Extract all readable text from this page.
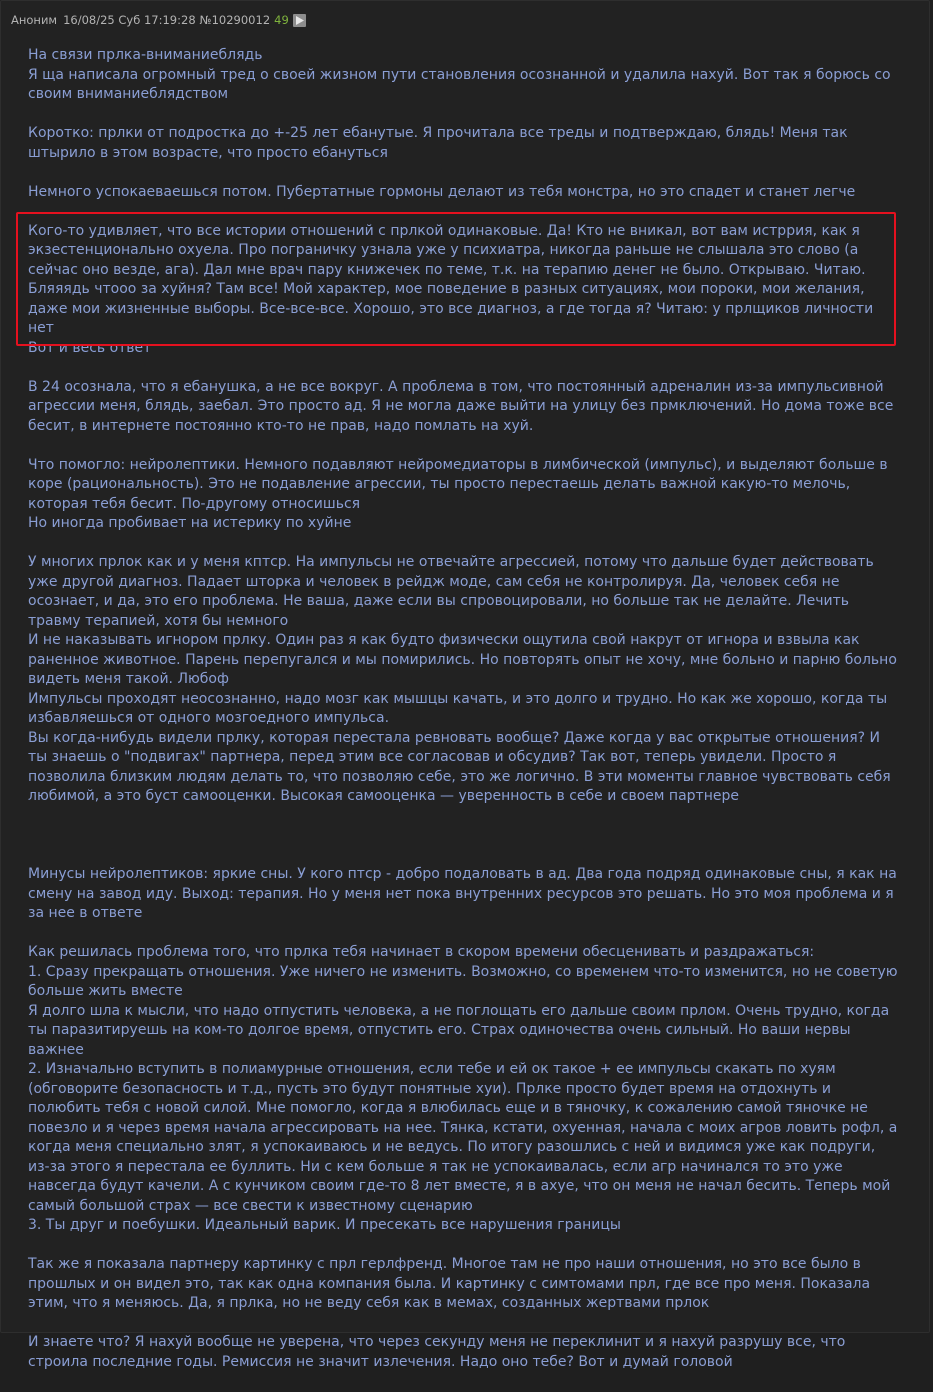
Аноним 16/08/25 Суб 17:19:28 №10290012 49

На связи прлка-вниманиеблядь
Я ща написала огромный тред о своей жизном пути становления осознанной и удалила нахуй. Вот так я борюсь со своим вниманиеблядством

Коротко: прлки от подростка до +-25 лет ебанутые. Я прочитала все треды и подтверждаю, блядь! Меня так штырило в этом возрасте, что просто ебануться

Немного успокаеваешься потом. Пубертатные гормоны делают из тебя монстра, но это спадет и станет легче

Кого-то удивляет, что все истории отношений с прлкой одинаковые. Да! Кто не вникал, вот вам истррия, как я экзестенционально охуела. Про пограничку узнала уже у психиатра, никогда раньше не слышала это слово (а сейчас оно везде, ага). Дал мне врач пару книжечек по теме, т.к. на терапию денег не было. Открываю. Читаю. Бляяядь чтооо за хуйня? Там все! Мой характер, мое поведение в разных ситуациях, мои пороки, мои желания, даже мои жизненные выборы. Все-все-все. Хорошо, это все диагноз, а где тогда я? Читаю: у прлщиков личности нет
Вот и весь ответ

В 24 осознала, что я ебанушка, а не все вокруг. А проблема в том, что постоянный адреналин из-за импульсивной агрессии меня, блядь, заебал. Это просто ад. Я не могла даже выйти на улицу без прмключений. Но дома тоже все бесит, в интернете постоянно кто-то не прав, надо помлать на хуй.

Что помогло: нейролептики. Немного подавляют нейромедиаторы в лимбической (импульс), и выделяют больше в коре (рациональность). Это не подавление агрессии, ты просто перестаешь делать важной какую-то мелочь, которая тебя бесит. По-другому относишься
Но иногда пробивает на истерику по хуйне

У многих прлок как и у меня кптср. На импульсы не отвечайте агрессией, потому что дальше будет действовать уже другой диагноз. Падает шторка и человек в рейдж моде, сам себя не контролируя. Да, человек себя не осознает, и да, это его проблема. Не ваша, даже если вы спровоцировали, но больше так не делайте. Лечить травму терапией, хотя бы немного
И не наказывать игнором прлку. Один раз я как будто физически ощутила свой накрут от игнора и взвыла как раненное животное. Парень перепугался и мы помирились. Но повторять опыт не хочу, мне больно и парню больно видеть меня такой. Любоф
Импульсы проходят неосознанно, надо мозг как мышцы качать, и это долго и трудно. Но как же хорошо, когда ты избавляешься от одного мозгоедного импульса.
Вы когда-нибудь видели прлку, которая перестала ревновать вообще? Даже когда у вас открытые отношения? И ты знаешь о "подвигах" партнера, перед этим все согласовав и обсудив? Так вот, теперь увидели. Просто я позволила близким людям делать то, что позволяю себе, это же логично. В эти моменты главное чувствовать себя любимой, а это буст самооценки. Высокая самооценка — уверенность в себе и своем партнере

Минусы нейролептиков: яркие сны. У кого птср - добро подаловать в ад. Два года подряд одинаковые сны, я как на смену на завод иду. Выход: терапия. Но у меня нет пока внутренних ресурсов это решать. Но это моя проблема и я за нее в ответе

Как решилась проблема того, что прлка тебя начинает в скором времени обесценивать и раздражаться:
1. Сразу прекращать отношения. Уже ничего не изменить. Возможно, со временем что-то изменится, но не советую больше жить вместе
Я долго шла к мысли, что надо отпустить человека, а не поглощать его дальше своим прлом. Очень трудно, когда ты паразитируешь на ком-то долгое время, отпустить его. Страх одиночества очень сильный. Но ваши нервы важнее
2. Изначально вступить в полиамурные отношения, если тебе и ей ок такое + ее импульсы скакать по хуям (обговорите безопасность и т.д., пусть это будут понятные хуи). Прлке просто будет время на отдохнуть и полюбить тебя с новой силой. Мне помогло, когда я влюбилась еще и в тяночку, к сожалению самой тяночке не повезло и я через время начала агрессировать на нее. Тянка, кстати, охуенная, начала с моих агров ловить рофл, а когда меня специально злят, я успокаиваюсь и не ведусь. По итогу разошлись с ней и видимся уже как подруги, из-за этого я перестала ее буллить. Ни с кем больше я так не успокаивалась, если агр начинался то это уже навсегда будут качели. А с кунчиком своим где-то 8 лет вместе, я в ахуе, что он меня не начал бесить. Теперь мой самый большой страх — все свести к известному сценарию
3. Ты друг и поебушки. Идеальный варик. И пресекать все нарушения границы

Так же я показала партнеру картинку с прл герлфренд. Многое там не про наши отношения, но это все было в прошлых и он видел это, так как одна компания была. И картинку с симтомами прл, где все про меня. Показала этим, что я меняюсь. Да, я прлка, но не веду себя как в мемах, созданных жертвами прлок

И знаете что? Я нахуй вообще не уверена, что через секунду меня не переклинит и я нахуй разрушу все, что строила последние годы. Ремиссия не значит излечения. Надо оно тебе? Вот и думай головой
